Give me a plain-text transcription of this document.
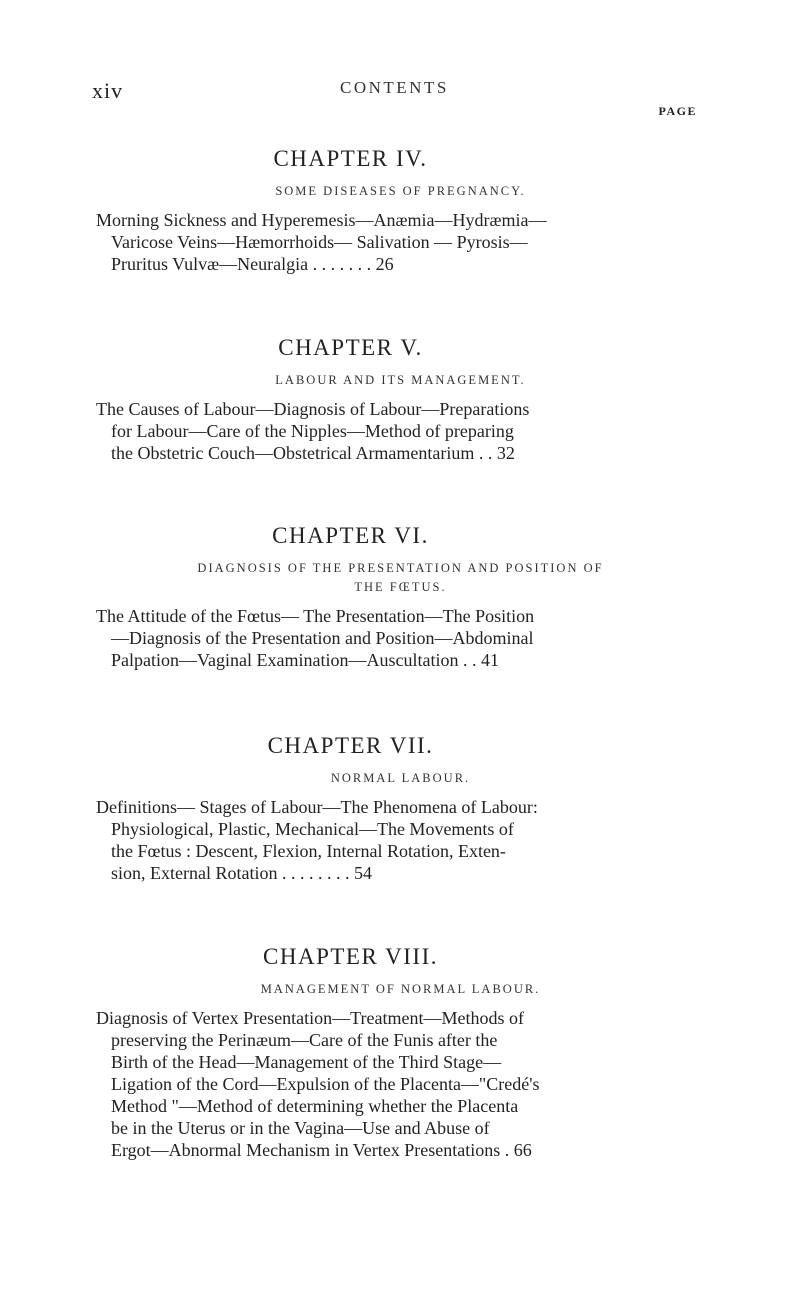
xiv	CONTENTS
PAGE
CHAPTER IV.
SOME DISEASES OF PREGNANCY.
Morning Sickness and Hyperemesis—Anæmia—Hydræmia—
Varicose Veins—Hæmorrhoids— Salivation — Pyrosis—
Pruritus Vulvæ—Neuralgia . . . . . . . 26
CHAPTER V.
LABOUR AND ITS MANAGEMENT.
The Causes of Labour—Diagnosis of Labour—Preparations
for Labour—Care of the Nipples—Method of preparing
the Obstetric Couch—Obstetrical Armamentarium . . 32
CHAPTER VI.
DIAGNOSIS OF THE PRESENTATION AND POSITION OF
THE FŒTUS.
The Attitude of the Fœtus— The Presentation—The Position
—Diagnosis of the Presentation and Position—Abdominal
Palpation—Vaginal Examination—Auscultation . . 41
CHAPTER VII.
NORMAL LABOUR.
Definitions— Stages of Labour—The Phenomena of Labour:
Physiological, Plastic, Mechanical—The Movements of
the Fœtus : Descent, Flexion, Internal Rotation, Exten-
sion, External Rotation . . . . . . . . 54
CHAPTER VIII.
MANAGEMENT OF NORMAL LABOUR.
Diagnosis of Vertex Presentation—Treatment—Methods of
preserving the Perinæum—Care of the Funis after the
Birth of the Head—Management of the Third Stage—
Ligation of the Cord—Expulsion of the Placenta—"Credé's
Method "—Method of determining whether the Placenta
be in the Uterus or in the Vagina—Use and Abuse of
Ergot—Abnormal Mechanism in Vertex Presentations . 66
